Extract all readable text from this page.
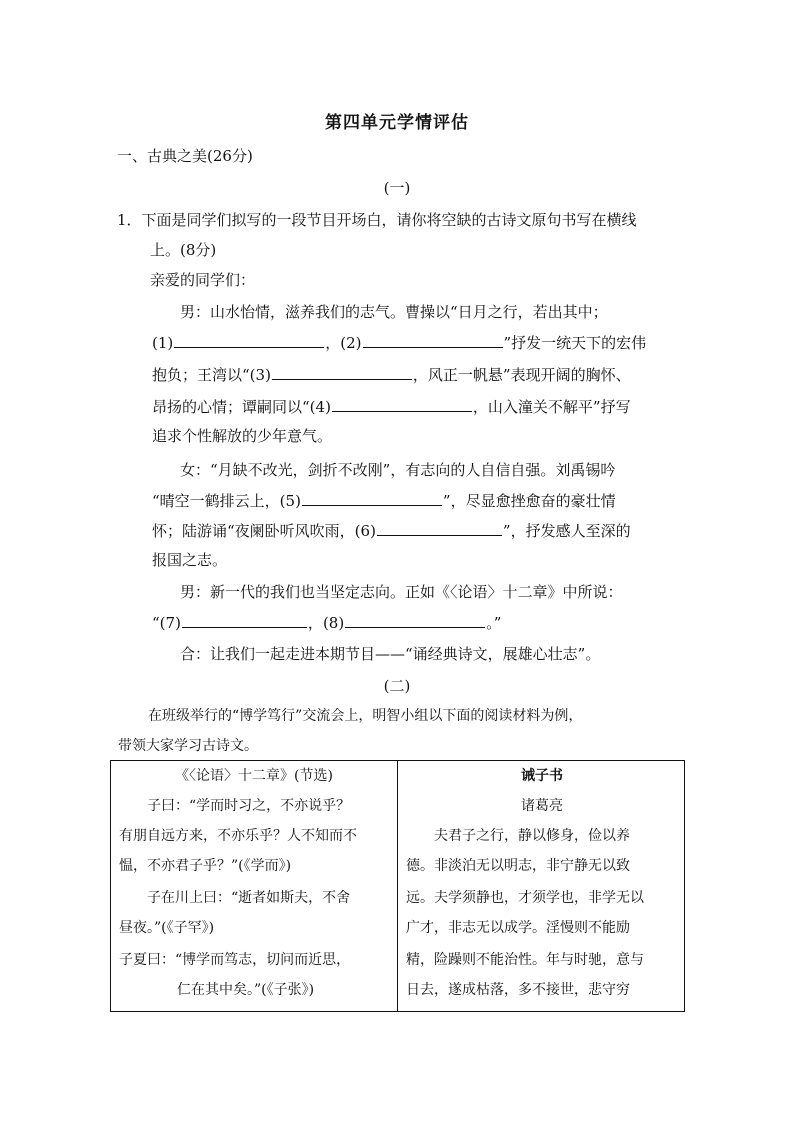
第四单元学情评估
一、古典之美(26分)
(一)
1．下面是同学们拟写的一段节目开场白，请你将空缺的古诗文原句书写在横线
上。(8分)
亲爱的同学们：
男：山水怡情，滋养我们的志气。曹操以“日月之行，若出其中；
(1)	，(2)	”抒发一统天下的宏伟
抱负；王湾以“(3)	，风正一帆悬”表现开阔的胸怀、
昂扬的心情；谭嗣同以“(4)	，山入潼关不解平”抒写
追求个性解放的少年意气。
女：“月缺不改光，剑折不改刚”，有志向的人自信自强。刘禹锡吟
“晴空一鹤排云上，(5)	”，尽显愈挫愈奋的豪壮情
怀；陆游诵“夜阑卧听风吹雨，(6)	”，抒发感人至深的
报国之志。
男：新一代的我们也当坚定志向。正如《〈论语〉十二章》中所说：
“(7)	，(8)	。”
合：让我们一起走进本期节目——“诵经典诗文，展雄心壮志”。
(二)
在班级举行的“博学笃行”交流会上，明智小组以下面的阅读材料为例，
带领大家学习古诗文。
《〈论语〉十二章》(节选)
子曰：“学而时习之，不亦说乎？
有朋自远方来，不亦乐乎？人不知而不
愠，不亦君子乎？”(《学而》)
子在川上曰：“逝者如斯夫，不舍
昼夜。”(《子罕》)
子夏曰：“博学而笃志，切问而近思，
仁在其中矣。”(《子张》)

诫子书
诸葛亮
夫君子之行，静以修身，俭以养
德。非淡泊无以明志，非宁静无以致
远。夫学须静也，才须学也，非学无以
广才，非志无以成学。淫慢则不能励
精，险躁则不能治性。年与时驰，意与
日去，遂成枯落，多不接世，悲守穷
